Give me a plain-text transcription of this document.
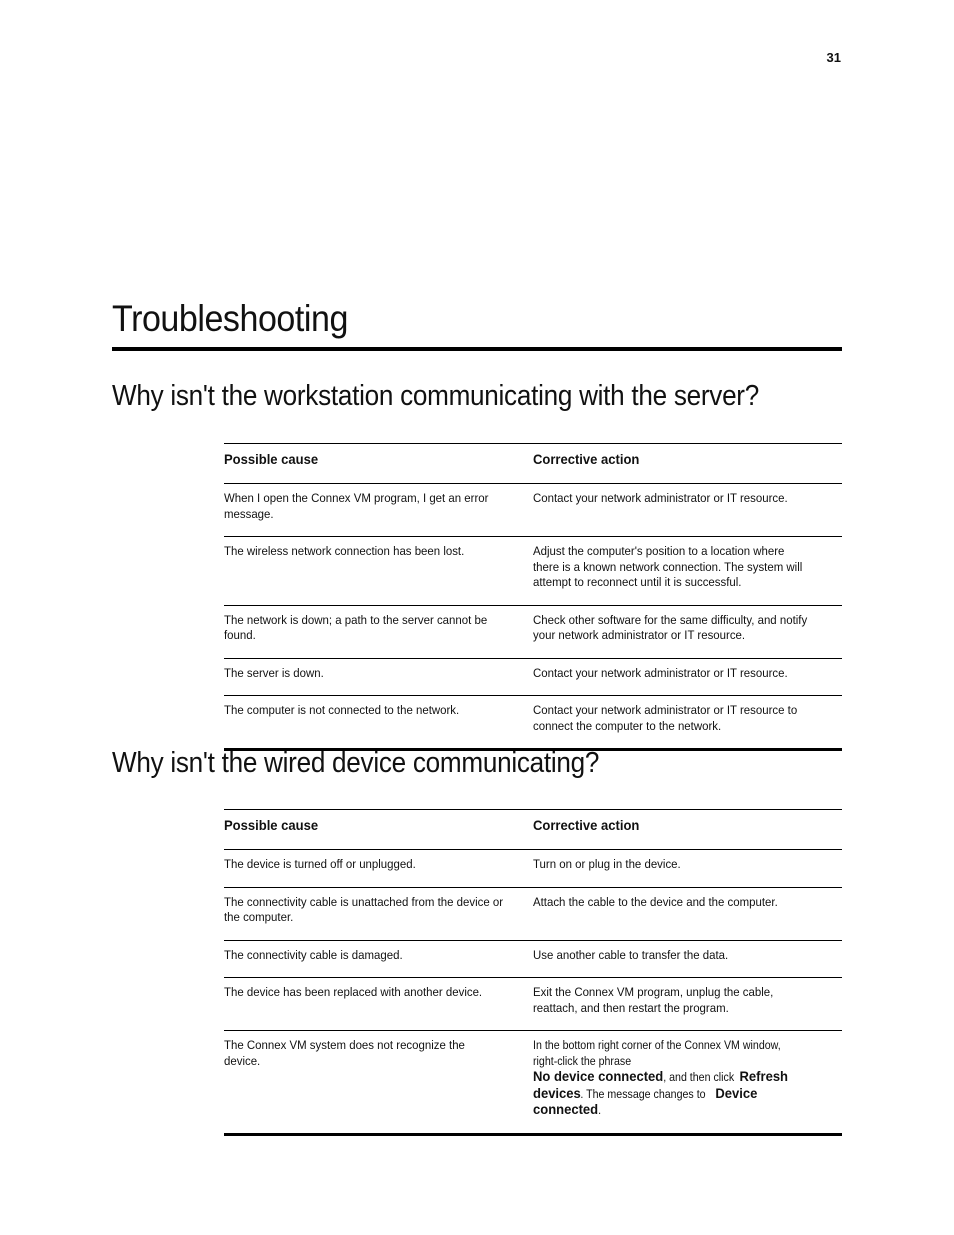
31
Troubleshooting
Why isn't the workstation communicating with the server?
Possible cause	Corrective action
When I open the Connex VM program, I get an error message.	Contact your network administrator or IT resource.
The wireless network connection has been lost.	Adjust the computer's position to a location where there is a known network connection. The system will attempt to reconnect until it is successful.
The network is down; a path to the server cannot be found.	Check other software for the same difficulty, and notify your network administrator or IT resource.
The server is down.	Contact your network administrator or IT resource.
The computer is not connected to the network.	Contact your network administrator or IT resource to connect the computer to the network.
Why isn't the wired device communicating?
Possible cause	Corrective action
The device is turned off or unplugged.	Turn on or plug in the device.
The connectivity cable is unattached from the device or the computer.	Attach the cable to the device and the computer.
The connectivity cable is damaged.	Use another cable to transfer the data.
The device has been replaced with another device.	Exit the Connex VM program, unplug the cable, reattach, and then restart the program.
The Connex VM system does not recognize the device.	In the bottom right corner of the Connex VM window, right-click the phraseNo device connected, and then clickRefresh devices. The message changes toDevice connected.
